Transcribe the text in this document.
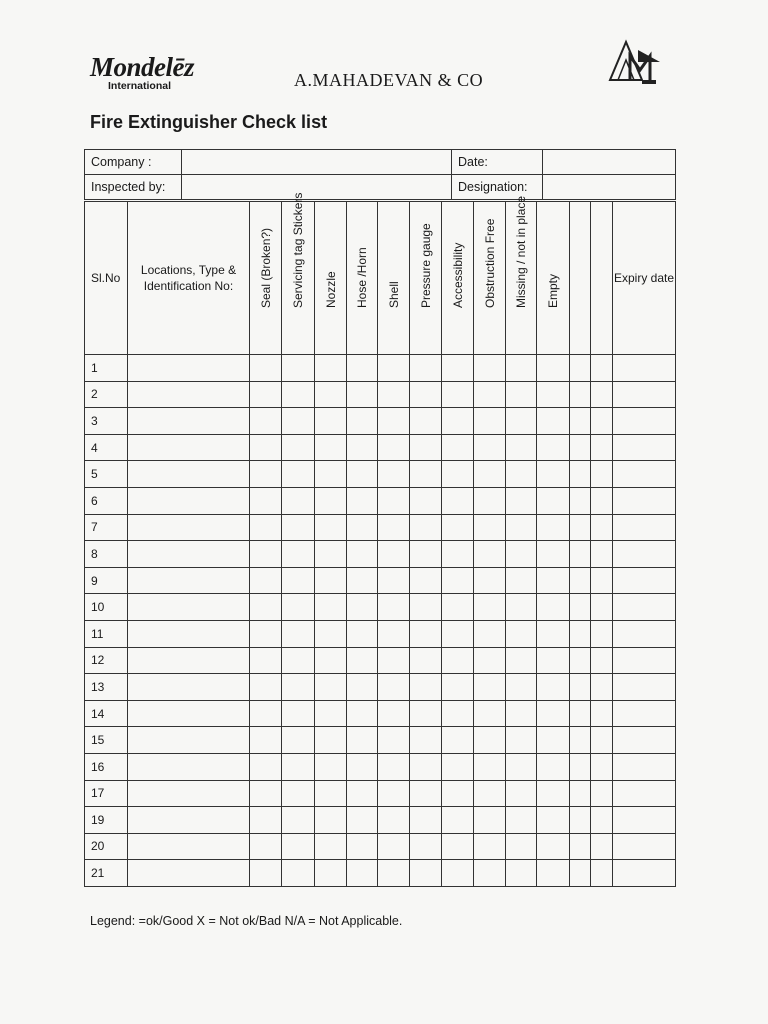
Mondelēz
International	A.MAHADEVAN & CO
Fire Extinguisher Check list
Company :		Date:	
Inspected by:		Designation:	
Sl.No	Locations, Type & Identification No:	Seal (Broken?)	Servicing tag Stickers	Nozzle	Hose /Horn	Shell	Pressure gauge	Accessibility	Obstruction Free	Missing / not in place	Empty			Expiry date
1														
2														
3														
4														
5														
6														
7														
8														
9														
10														
11														
12														
13														
14														
15														
16														
17														
19														
20														
21														
Legend: =ok/Good X = Not ok/Bad N/A = Not Applicable.
